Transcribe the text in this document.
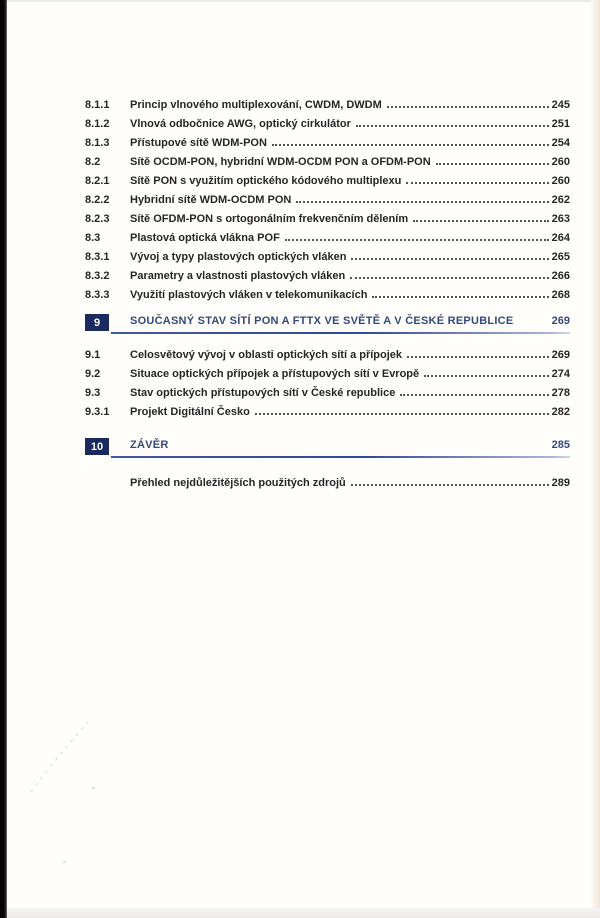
8.1.1	Princip vlnového multiplexování, CWDM, DWDM	245
8.1.2	Vlnová odbočnice AWG, optický cirkulátor	251
8.1.3	Přístupové sítě WDM-PON	254
8.2	Sítě OCDM-PON, hybridní WDM-OCDM PON a OFDM-PON	260
8.2.1	Sítě PON s využitím optického kódového multiplexu	260
8.2.2	Hybridní sítě WDM-OCDM PON	262
8.2.3	Sítě OFDM-PON s ortogonálním frekvenčním dělením	263
8.3	Plastová optická vlákna POF	264
8.3.1	Vývoj a typy plastových optických vláken	265
8.3.2	Parametry a vlastnosti plastových vláken	266
8.3.3	Využití plastových vláken v telekomunikacích	268
9	SOUČASNÝ STAV SÍTÍ PON A FTTX VE SVĚTĚ A V ČESKÉ REPUBLICE	269
9.1	Celosvětový vývoj v oblasti optických sítí a přípojek	269
9.2	Situace optických přípojek a přístupových sítí v Evropě	274
9.3	Stav optických přístupových sítí v České republice	278
9.3.1	Projekt Digitální Česko	282
10	ZÁVĚR	285
Přehled nejdůležitějších použitých zdrojů	289
